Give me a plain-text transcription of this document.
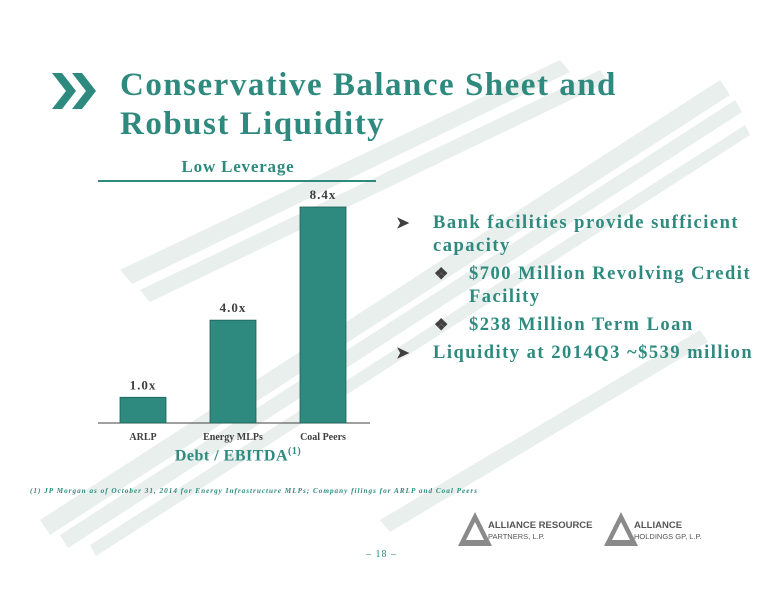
Conservative Balance Sheet and
Robust Liquidity
Low Leverage
1.0x
ARLP
4.0x
Energy MLPs
8.4x
Coal Peers
Debt / EBITDA$^{(1)}$
➤ Bank facilities provide sufficient capacity
❖ $700 Million Revolving Credit Facility
❖ $238 Million Term Loan
➤ Liquidity at 2014Q3 ~$539 million
(1) JP Morgan as of October 31, 2014 for Energy Infrastructure MLPs; Company filings for ARLP and Coal Peers
ALLIANCE RESOURCE
PARTNERS, L.P.
ALLIANCE
HOLDINGS GP, L.P.
– 18 –
